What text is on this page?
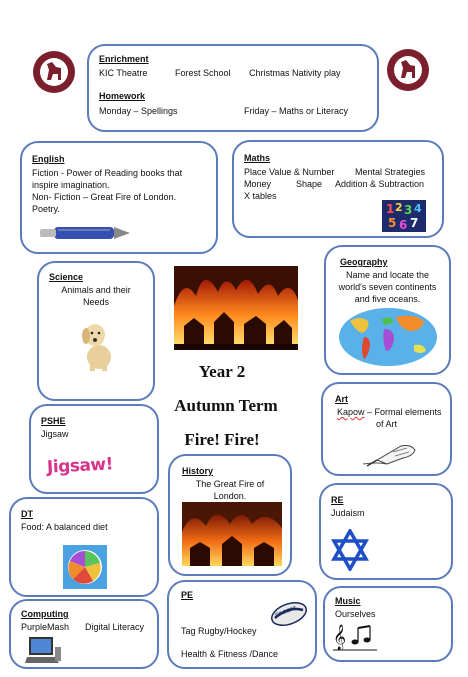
Enrichment
KIC Theatre	Forest School Christmas Nativity play
Homework
Monday – Spellings	Friday – Maths or Literacy
English
Fiction - Power of Reading books that
inspire imagination.
Non- Fiction – Great Fire of London.
Poetry.
Maths
Place Value & Number Mental Strategies
Money	Shape Addition & Subtraction
X tables
1 2 3 4
5 6 7
Science
Animals and their
Needs
Year 2
Autumn Term
Fire! Fire!
Geography
Name and locate the
world's seven continents
and five oceans.
PSHE
Jigsaw
Jigsaw!
Art
Kapow – Formal elements
of Art
History
The Great Fire of
London.
DT
Food: A balanced diet
RE
Judaism
Computing
PurpleMash Digital Literacy
PE
GILBERT
Tag Rugby/Hockey
Health & Fitness /Dance
Music
Ourselves
𝄞
